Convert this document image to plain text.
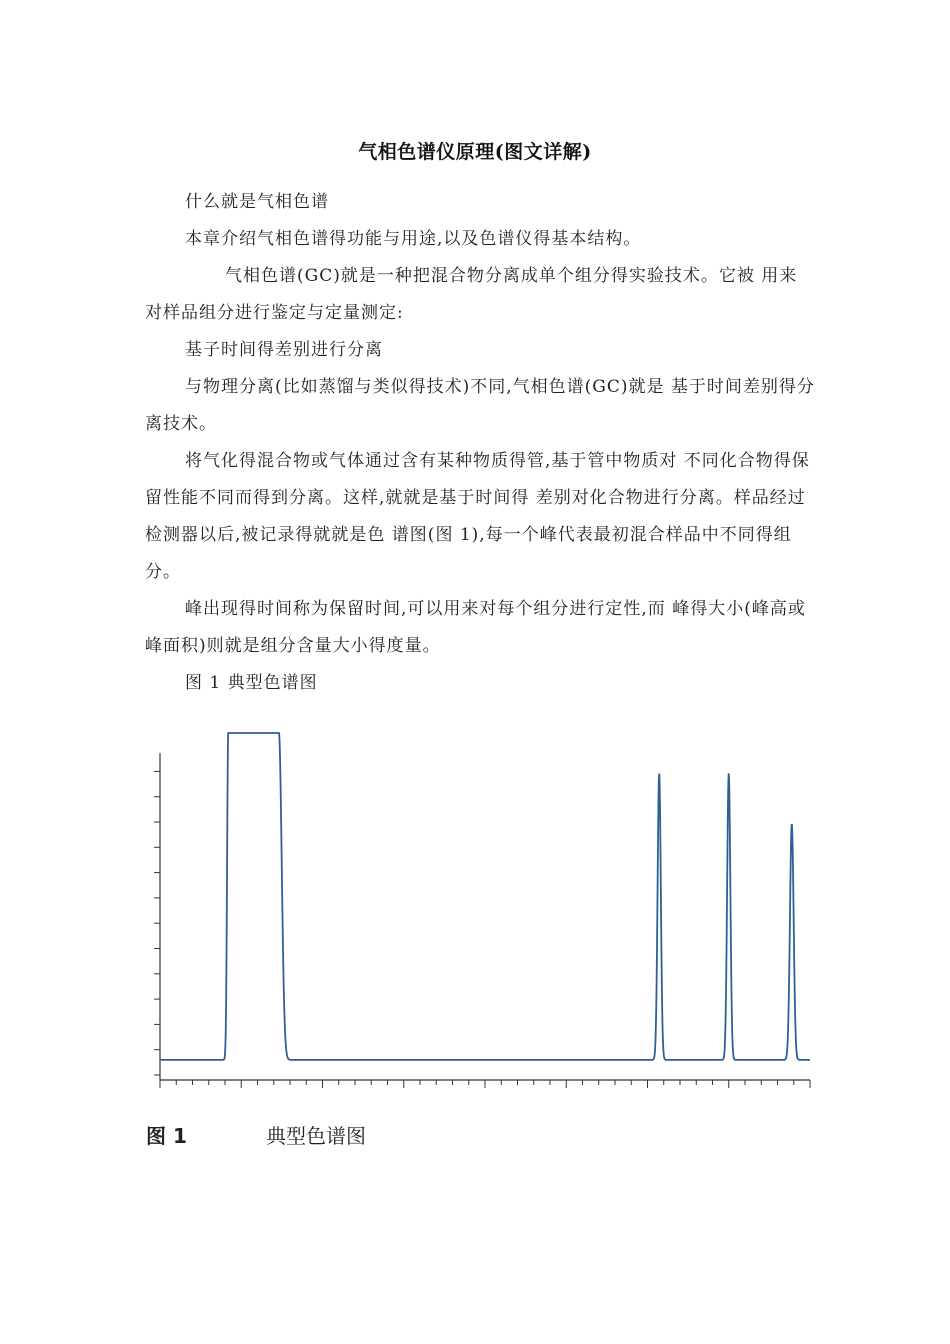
气相色谱仪原理(图文详解)

什么就是气相色谱

本章介绍气相色谱得功能与用途,以及色谱仪得基本结构。

气相色谱(GC)就是一种把混合物分离成单个组分得实验技术。它被 用来对样品组分进行鉴定与定量测定:

基子时间得差别进行分离

与物理分离(比如蒸馏与类似得技术)不同,气相色谱(GC)就是 基于时间差别得分离技术。

将气化得混合物或气体通过含有某种物质得管,基于管中物质对 不同化合物得保留性能不同而得到分离。这样,就就是基于时间得 差别对化合物进行分离。样品经过检测器以后,被记录得就就是色 谱图(图 1),每一个峰代表最初混合样品中不同得组分。

峰出现得时间称为保留时间,可以用来对每个组分进行定性,而 峰得大小(峰高或峰面积)则就是组分含量大小得度量。

图 1 典型色谱图

图 1	典型色谱图
